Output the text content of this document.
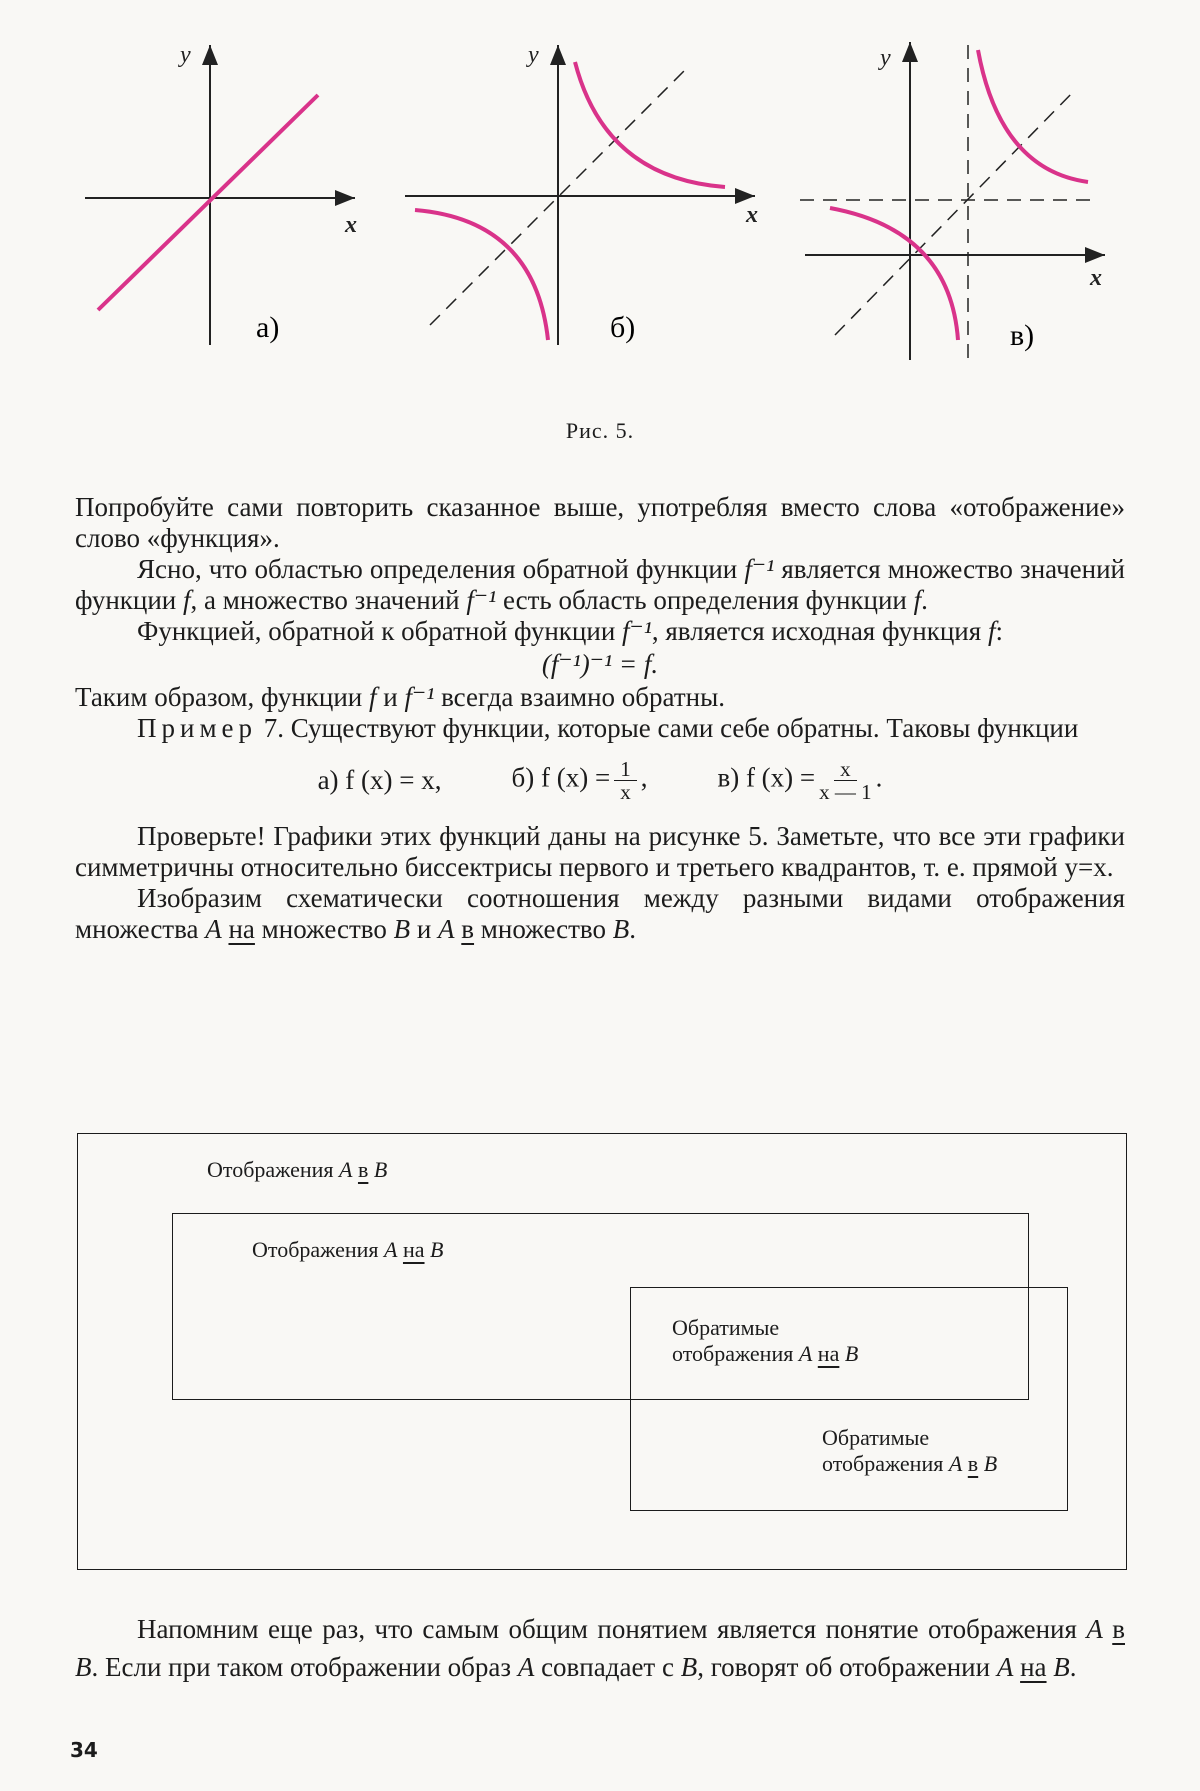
y
x
а)
y
x
б)
y
x
в)
Рис. 5.

Попробуйте сами повторить сказанное выше, употребляя вместо слова «отображение» слово «функция».

Ясно, что областью определения обратной функции f⁻¹ является множество значений функции f, а множество значений f⁻¹ есть область определения функции f.

Функцией, обратной к обратной функции f⁻¹, является исходная функция f:

(f⁻¹)⁻¹ = f.

Таким образом, функции f и f⁻¹ всегда взаимно обратны.

Пример 7. Существуют функции, которые сами себе обратны. Таковы функции

а) f (x) = x,	б) f $(x) = \frac{1}{x}$ ,	в) f $(x) = \frac{x}{x — 1}$ .

Проверьте! Графики этих функций даны на рисунке 5. Заметьте, что все эти графики симметричны относительно биссектрисы первого и третьего квадрантов, т. е. прямой y=x.

Изобразим схематически соотношения между разными видами отображения множества A на множество B и A в множество B.

Отображения A в B
Отображения A на B
Обратимые
отображения A на B
Обратимые
отображения A в B

Напомним еще раз, что самым общим понятием является понятие отображения A в B. Если при таком отображении образ A совпадает с B, говорят об отображении A на B.

34
